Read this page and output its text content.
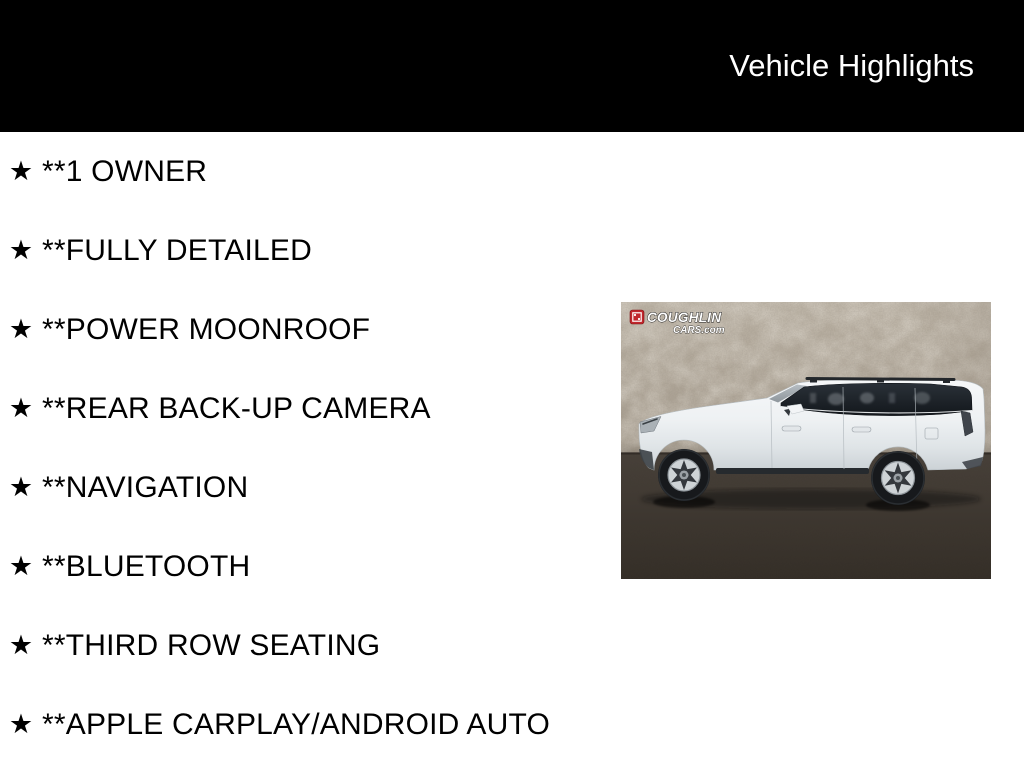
Vehicle Highlights
★ **1 OWNER
★ **FULLY DETAILED
★ **POWER MOONROOF
★ **REAR BACK-UP CAMERA
★ **NAVIGATION
★ **BLUETOOTH
★ **THIRD ROW SEATING
★ **APPLE CARPLAY/ANDROID AUTO
COUGHLIN
CARS.com
